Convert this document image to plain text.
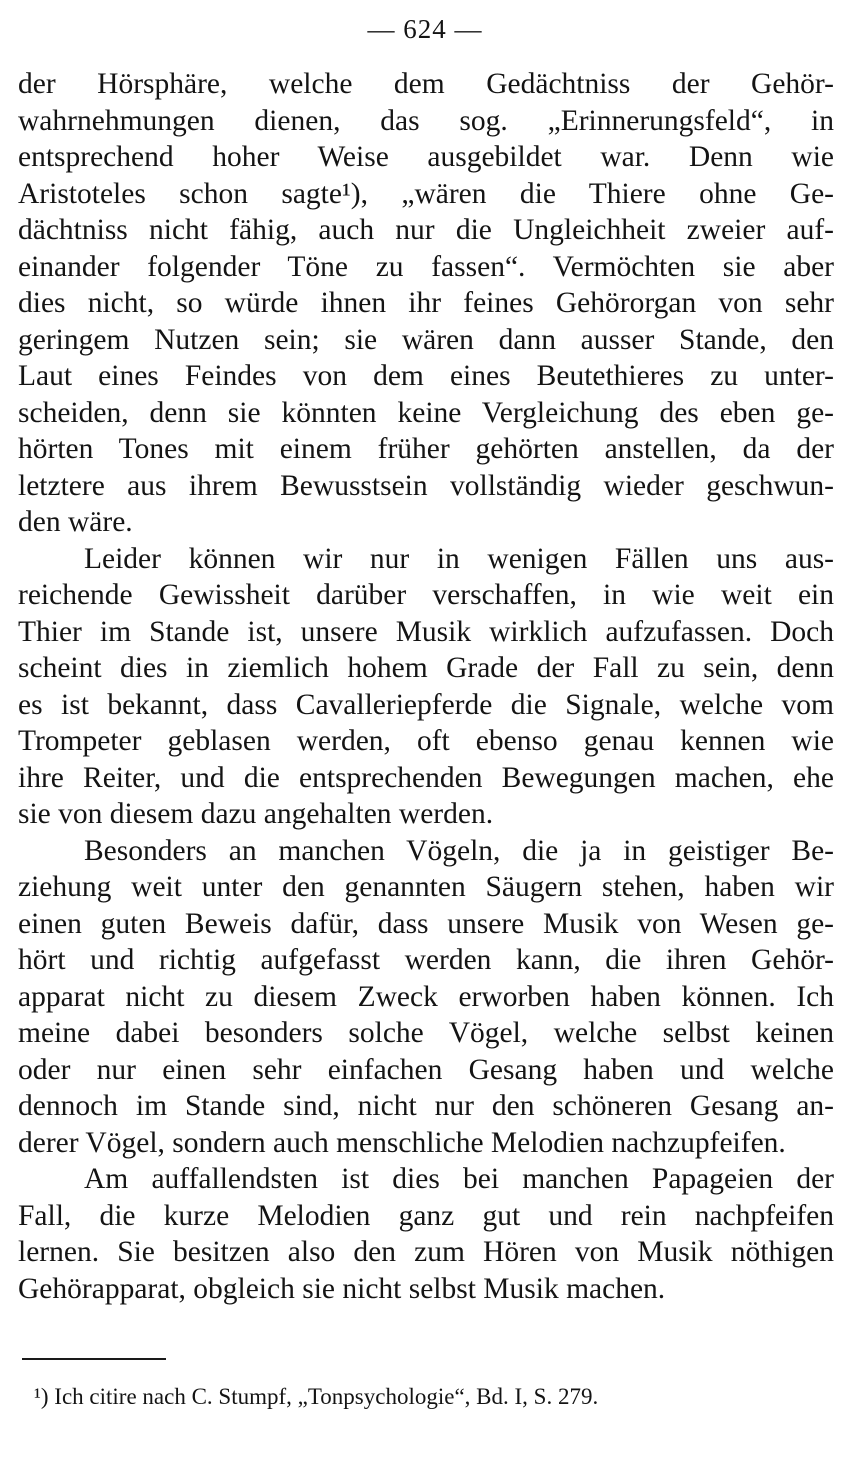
— 624 —

der Hörsphäre, welche dem Gedächtniss der Gehör-
wahrnehmungen dienen, das sog. „Erinnerungsfeld“, in
entsprechend hoher Weise ausgebildet war. Denn wie
Aristoteles schon sagte¹), „wären die Thiere ohne Ge-
dächtniss nicht fähig, auch nur die Ungleichheit zweier auf-
einander folgender Töne zu fassen“. Vermöchten sie aber
dies nicht, so würde ihnen ihr feines Gehörorgan von sehr
geringem Nutzen sein; sie wären dann ausser Stande, den
Laut eines Feindes von dem eines Beutethieres zu unter-
scheiden, denn sie könnten keine Vergleichung des eben ge-
hörten Tones mit einem früher gehörten anstellen, da der
letztere aus ihrem Bewusstsein vollständig wieder geschwun-
den wäre.

Leider können wir nur in wenigen Fällen uns aus-
reichende Gewissheit darüber verschaffen, in wie weit ein
Thier im Stande ist, unsere Musik wirklich aufzufassen. Doch
scheint dies in ziemlich hohem Grade der Fall zu sein, denn
es ist bekannt, dass Cavalleriepferde die Signale, welche vom
Trompeter geblasen werden, oft ebenso genau kennen wie
ihre Reiter, und die entsprechenden Bewegungen machen, ehe
sie von diesem dazu angehalten werden.

Besonders an manchen Vögeln, die ja in geistiger Be-
ziehung weit unter den genannten Säugern stehen, haben wir
einen guten Beweis dafür, dass unsere Musik von Wesen ge-
hört und richtig aufgefasst werden kann, die ihren Gehör-
apparat nicht zu diesem Zweck erworben haben können. Ich
meine dabei besonders solche Vögel, welche selbst keinen
oder nur einen sehr einfachen Gesang haben und welche
dennoch im Stande sind, nicht nur den schöneren Gesang an-
derer Vögel, sondern auch menschliche Melodien nachzupfeifen.

Am auffallendsten ist dies bei manchen Papageien der
Fall, die kurze Melodien ganz gut und rein nachpfeifen
lernen. Sie besitzen also den zum Hören von Musik nöthigen
Gehörapparat, obgleich sie nicht selbst Musik machen.

¹) Ich citire nach C. Stumpf, „Tonpsychologie“, Bd. I, S. 279.
